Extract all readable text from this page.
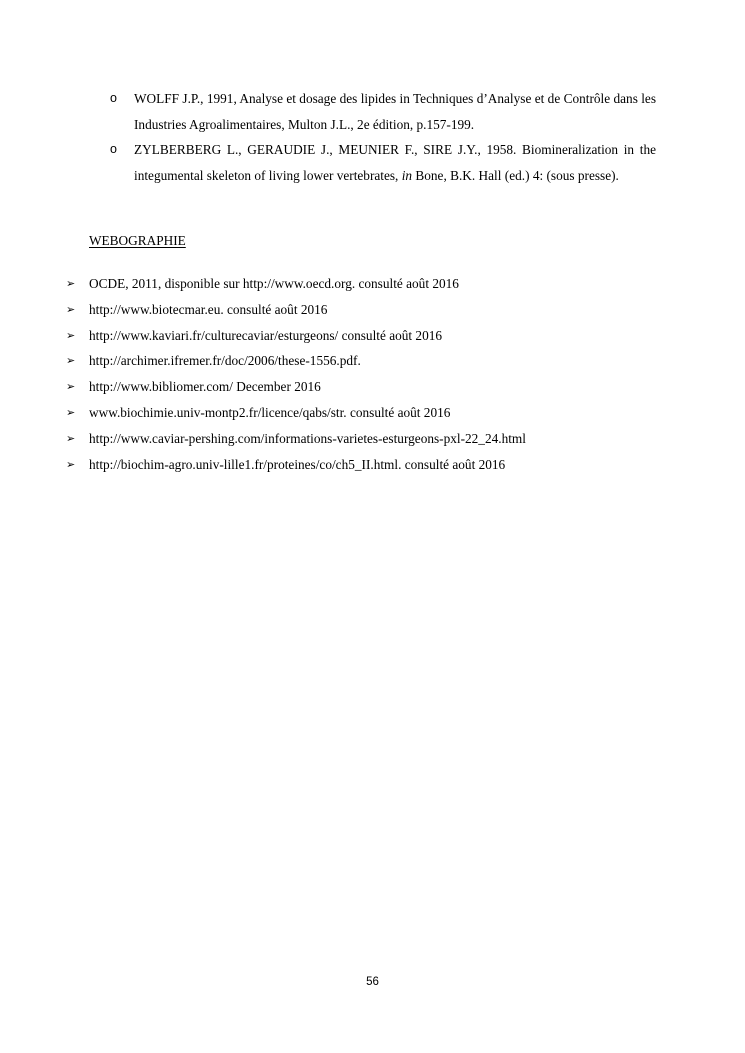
o WOLFF J.P., 1991, Analyse et dosage des lipides in Techniques d’Analyse et de Contrôle dans les Industries Agroalimentaires, Multon J.L., 2e édition, p.157-199.
o ZYLBERBERG L., GERAUDIE J., MEUNIER F., SIRE J.Y., 1958. Biomineralization in the integumental skeleton of living lower vertebrates, in Bone, B.K. Hall (ed.) 4: (sous presse).
WEBOGRAPHIE
➢ OCDE, 2011, disponible sur http://www.oecd.org. consulté août 2016
➢ http://www.biotecmar.eu. consulté août 2016
➢ http://www.kaviari.fr/culturecaviar/esturgeons/ consulté août 2016
➢ http://archimer.ifremer.fr/doc/2006/these-1556.pdf.
➢ http://www.bibliomer.com/ December 2016
➢ www.biochimie.univ-montp2.fr/licence/qabs/str. consulté août 2016
➢ http://www.caviar-pershing.com/informations-varietes-esturgeons-pxl-22_24.html
➢ http://biochim-agro.univ-lille1.fr/proteines/co/ch5_II.html. consulté août 2016
56
